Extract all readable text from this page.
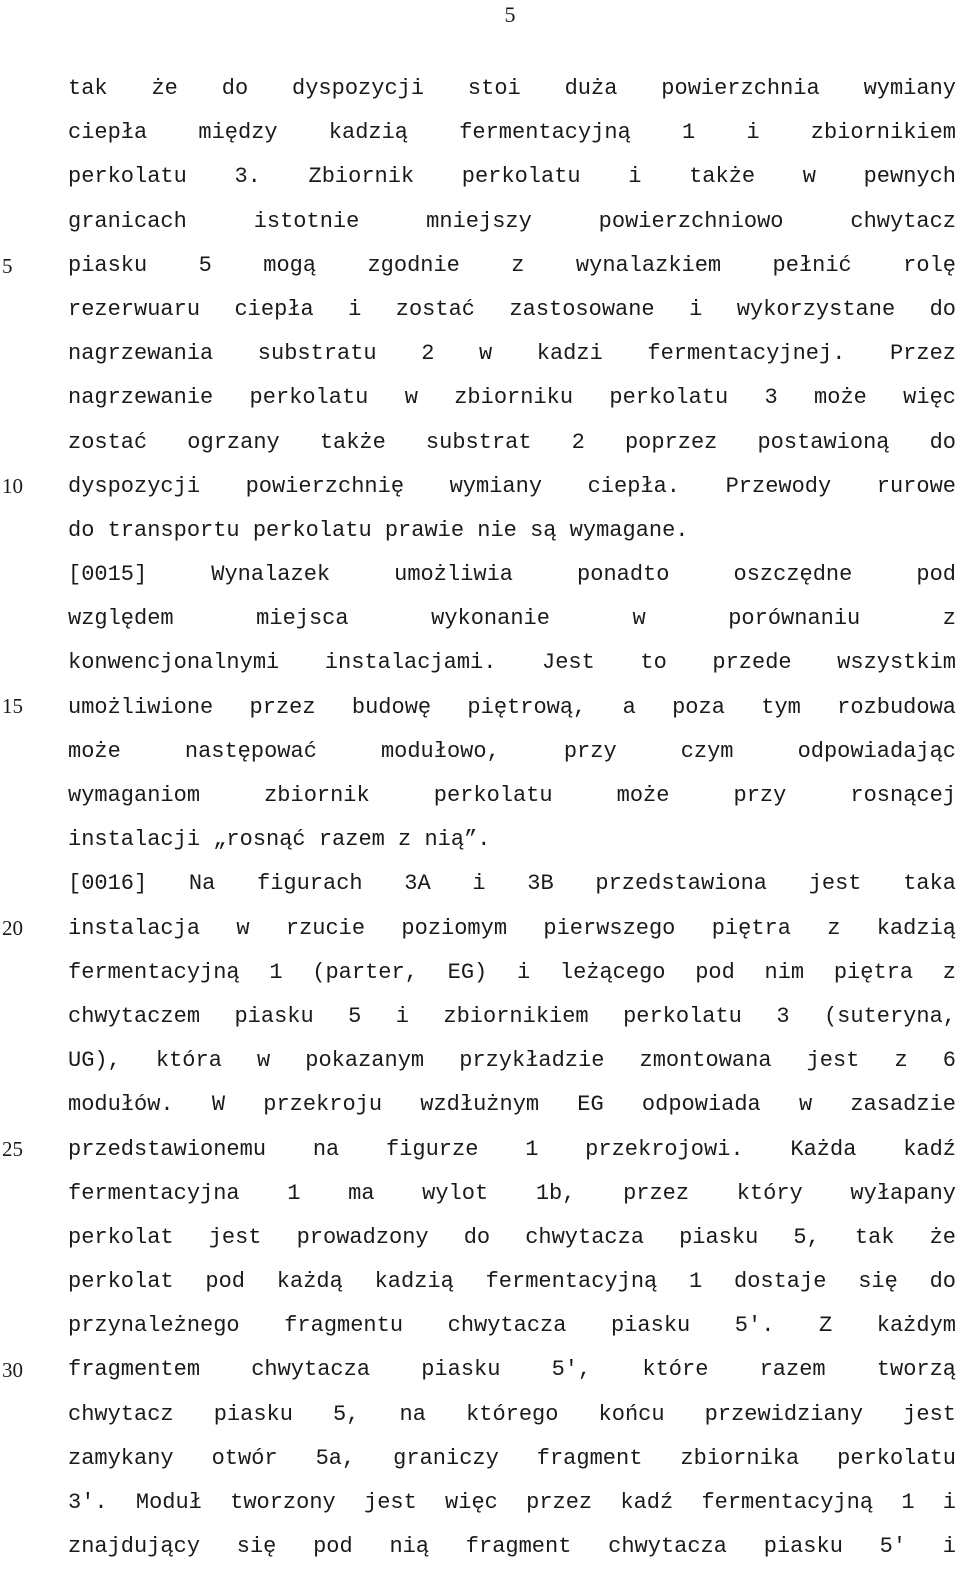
5
5
10
15
20
25
30
tak że do dyspozycji stoi duża powierzchnia wymiany
ciepła między kadzią fermentacyjną 1 i zbiornikiem
perkolatu 3. Zbiornik perkolatu i także w pewnych
granicach istotnie mniejszy powierzchniowo chwytacz
piasku 5 mogą zgodnie z wynalazkiem pełnić rolę
rezerwuaru ciepła i zostać zastosowane i wykorzystane do
nagrzewania substratu 2 w kadzi fermentacyjnej. Przez
nagrzewanie perkolatu w zbiorniku perkolatu 3 może więc
zostać ogrzany także substrat 2 poprzez postawioną do
dyspozycji powierzchnię wymiany ciepła. Przewody rurowe
do transportu perkolatu prawie nie są wymagane.
[0015] Wynalazek umożliwia ponadto oszczędne pod
względem miejsca wykonanie w porównaniu z
konwencjonalnymi instalacjami. Jest to przede wszystkim
umożliwione przez budowę piętrową, a poza tym rozbudowa
może następować modułowo, przy czym odpowiadając
wymaganiom zbiornik perkolatu może przy rosnącej
instalacji „rosnąć razem z nią”.
[0016] Na figurach 3A i 3B przedstawiona jest taka
instalacja w rzucie poziomym pierwszego piętra z kadzią
fermentacyjną 1 (parter, EG) i leżącego pod nim piętra z
chwytaczem piasku 5 i zbiornikiem perkolatu 3 (suteryna,
UG), która w pokazanym przykładzie zmontowana jest z 6
modułów. W przekroju wzdłużnym EG odpowiada w zasadzie
przedstawionemu na figurze 1 przekrojowi. Każda kadź
fermentacyjna 1 ma wylot 1b, przez który wyłapany
perkolat jest prowadzony do chwytacza piasku 5, tak że
perkolat pod każdą kadzią fermentacyjną 1 dostaje się do
przynależnego fragmentu chwytacza piasku 5′. Z każdym
fragmentem chwytacza piasku 5′, które razem tworzą
chwytacz piasku 5, na którego końcu przewidziany jest
zamykany otwór 5a, graniczy fragment zbiornika perkolatu
3′. Moduł tworzony jest więc przez kadź fermentacyjną 1 i
znajdujący się pod nią fragment chwytacza piasku 5′ i
